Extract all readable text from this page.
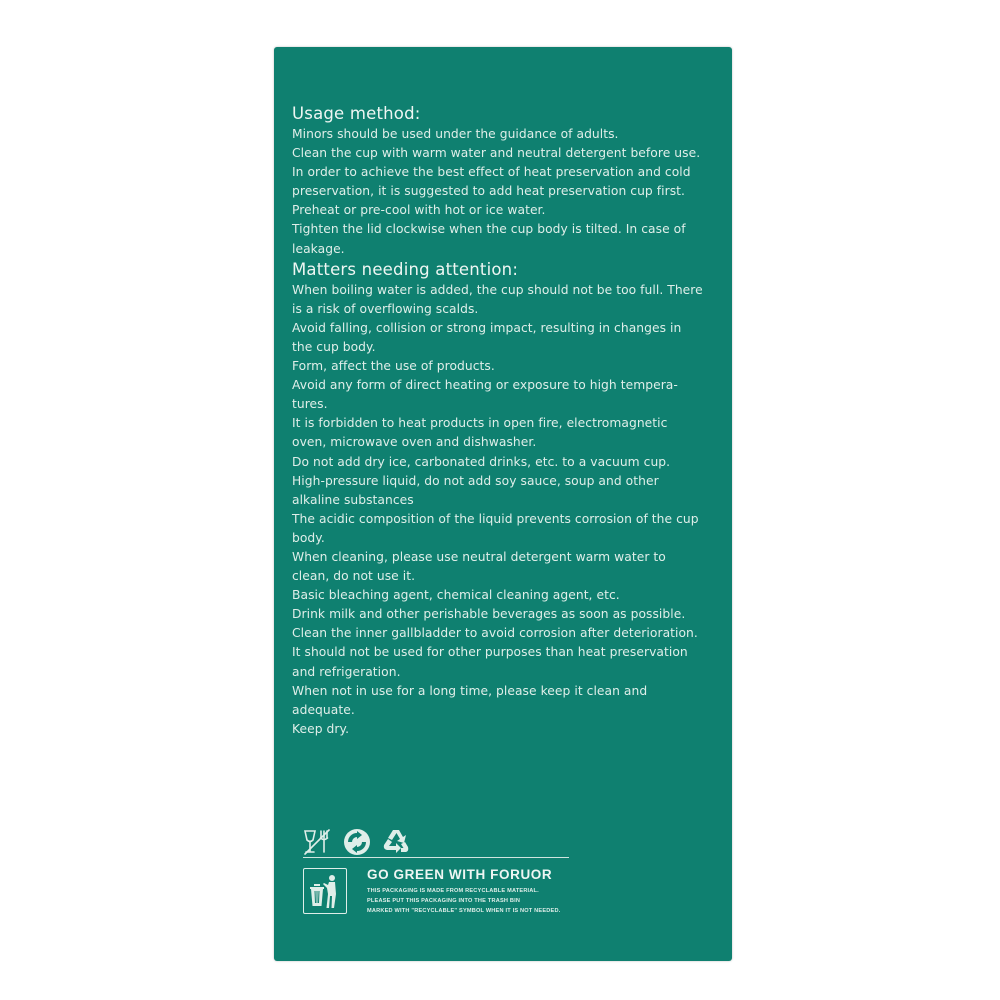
Usage method:

Minors should be used under the guidance of adults.

Clean the cup with warm water and neutral detergent before use.

In order to achieve the best effect of heat preservation and cold

preservation, it is suggested to add heat preservation cup first.

Preheat or pre-cool with hot or ice water.

Tighten the lid clockwise when the cup body is tilted. In case of

leakage.

Matters needing attention:

When boiling water is added, the cup should not be too full. There

is a risk of overflowing scalds.

Avoid falling, collision or strong impact, resulting in changes in

the cup body.

Form, affect the use of products.

Avoid any form of direct heating or exposure to high tempera-

tures.

It is forbidden to heat products in open fire, electromagnetic

oven, microwave oven and dishwasher.

Do not add dry ice, carbonated drinks, etc. to a vacuum cup.

High-pressure liquid, do not add soy sauce, soup and other

alkaline substances

The acidic composition of the liquid prevents corrosion of the cup

body.

When cleaning, please use neutral detergent warm water to

clean, do not use it.

Basic bleaching agent, chemical cleaning agent, etc.

Drink milk and other perishable beverages as soon as possible.

Clean the inner gallbladder to avoid corrosion after deterioration.

It should not be used for other purposes than heat preservation

and refrigeration.

When not in use for a long time, please keep it clean and

adequate.

Keep dry.

GO GREEN WITH FORUOR
THIS PACKAGING IS MADE FROM RECYCLABLE MATERIAL.
PLEASE PUT THIS PACKAGING INTO THE TRASH BIN
MARKED WITH "RECYCLABLE" SYMBOL WHEN IT IS NOT NEEDED.
